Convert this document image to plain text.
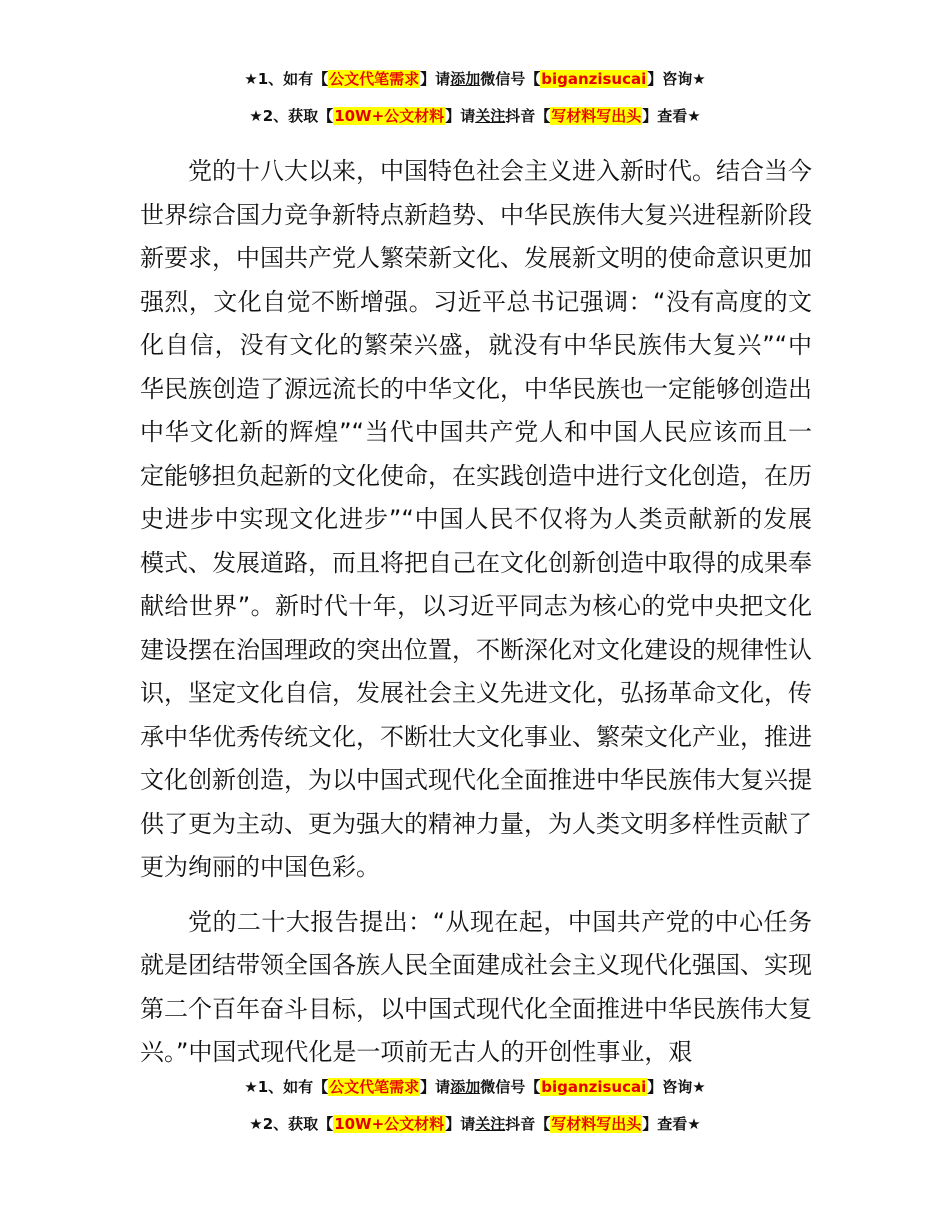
★1、如有【公文代笔需求】请添加微信号【biganzisucai】咨询★
★2、获取【10W+公文材料】请关注抖音【写材料写出头】查看★

党的十八大以来，中国特色社会主义进入新时代。结合当今世界综合国力竞争新特点新趋势、中华民族伟大复兴进程新阶段新要求，中国共产党人繁荣新文化、发展新文明的使命意识更加强烈，文化自觉不断增强。习近平总书记强调：“没有高度的文化自信，没有文化的繁荣兴盛，就没有中华民族伟大复兴”“中华民族创造了源远流长的中华文化，中华民族也一定能够创造出中华文化新的辉煌”“当代中国共产党人和中国人民应该而且一定能够担负起新的文化使命，在实践创造中进行文化创造，在历史进步中实现文化进步”“中国人民不仅将为人类贡献新的发展模式、发展道路，而且将把自己在文化创新创造中取得的成果奉献给世界”。新时代十年，以习近平同志为核心的党中央把文化建设摆在治国理政的突出位置，不断深化对文化建设的规律性认识，坚定文化自信，发展社会主义先进文化，弘扬革命文化，传承中华优秀传统文化，不断壮大文化事业、繁荣文化产业，推进文化创新创造，为以中国式现代化全面推进中华民族伟大复兴提供了更为主动、更为强大的精神力量，为人类文明多样性贡献了更为绚丽的中国色彩。

党的二十大报告提出：“从现在起，中国共产党的中心任务就是团结带领全国各族人民全面建成社会主义现代化强国、实现第二个百年奋斗目标，以中国式现代化全面推进中华民族伟大复兴。”中国式现代化是一项前无古人的开创性事业，艰

★1、如有【公文代笔需求】请添加微信号【biganzisucai】咨询★
★2、获取【10W+公文材料】请关注抖音【写材料写出头】查看★
